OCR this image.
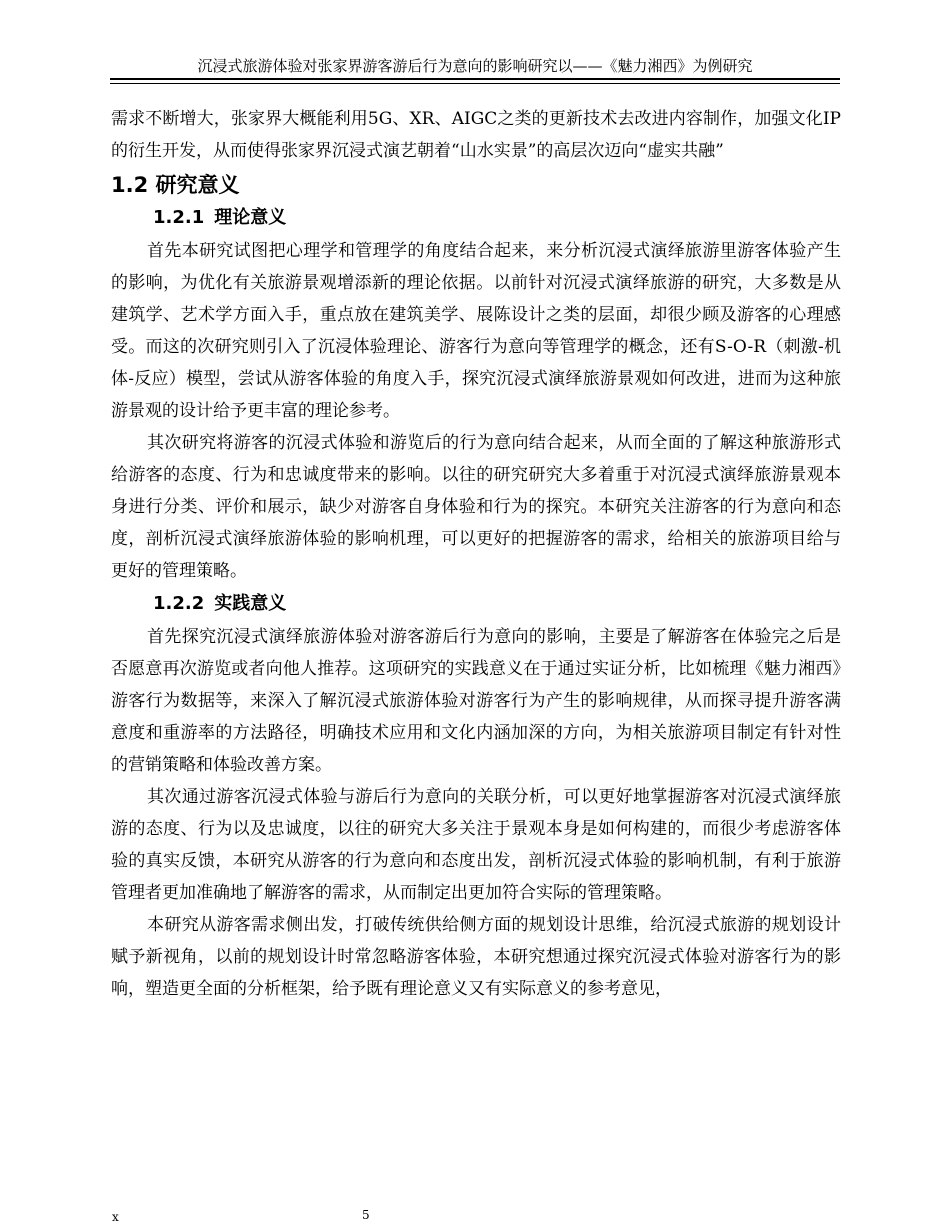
沉浸式旅游体验对张家界游客游后行为意向的影响研究以——《魅力湘西》为例研究

需求不断增大，张家界大概能利用5G、XR、AIGC之类的更新技术去改进内容制作，加强文化IP的衍生开发，从而使得张家界沉浸式演艺朝着“山水实景”的高层次迈向“虚实共融”

1.2 研究意义
1.2.1 理论意义

首先本研究试图把心理学和管理学的角度结合起来，来分析沉浸式演绎旅游里游客体验产生的影响，为优化有关旅游景观增添新的理论依据。以前针对沉浸式演绎旅游的研究，大多数是从建筑学、艺术学方面入手，重点放在建筑美学、展陈设计之类的层面，却很少顾及游客的心理感受。而这的次研究则引入了沉浸体验理论、游客行为意向等管理学的概念，还有S-O-R（刺激-机体-反应）模型，尝试从游客体验的角度入手，探究沉浸式演绎旅游景观如何改进，进而为这种旅游景观的设计给予更丰富的理论参考。

其次研究将游客的沉浸式体验和游览后的行为意向结合起来，从而全面的了解这种旅游形式给游客的态度、行为和忠诚度带来的影响。以往的研究研究大多着重于对沉浸式演绎旅游景观本身进行分类、评价和展示，缺少对游客自身体验和行为的探究。本研究关注游客的行为意向和态度，剖析沉浸式演绎旅游体验的影响机理，可以更好的把握游客的需求，给相关的旅游项目给与更好的管理策略。

1.2.2 实践意义

首先探究沉浸式演绎旅游体验对游客游后行为意向的影响，主要是了解游客在体验完之后是否愿意再次游览或者向他人推荐。这项研究的实践意义在于通过实证分析，比如梳理《魅力湘西》游客行为数据等，来深入了解沉浸式旅游体验对游客行为产生的影响规律，从而探寻提升游客满意度和重游率的方法路径，明确技术应用和文化内涵加深的方向，为相关旅游项目制定有针对性的营销策略和体验改善方案。

其次通过游客沉浸式体验与游后行为意向的关联分析，可以更好地掌握游客对沉浸式演绎旅游的态度、行为以及忠诚度，以往的研究大多关注于景观本身是如何构建的，而很少考虑游客体验的真实反馈，本研究从游客的行为意向和态度出发，剖析沉浸式体验的影响机制，有利于旅游管理者更加准确地了解游客的需求，从而制定出更加符合实际的管理策略。

本研究从游客需求侧出发，打破传统供给侧方面的规划设计思维，给沉浸式旅游的规划设计赋予新视角，以前的规划设计时常忽略游客体验，本研究想通过探究沉浸式体验对游客行为的影响，塑造更全面的分析框架，给予既有理论意义又有实际意义的参考意见，

x	5
